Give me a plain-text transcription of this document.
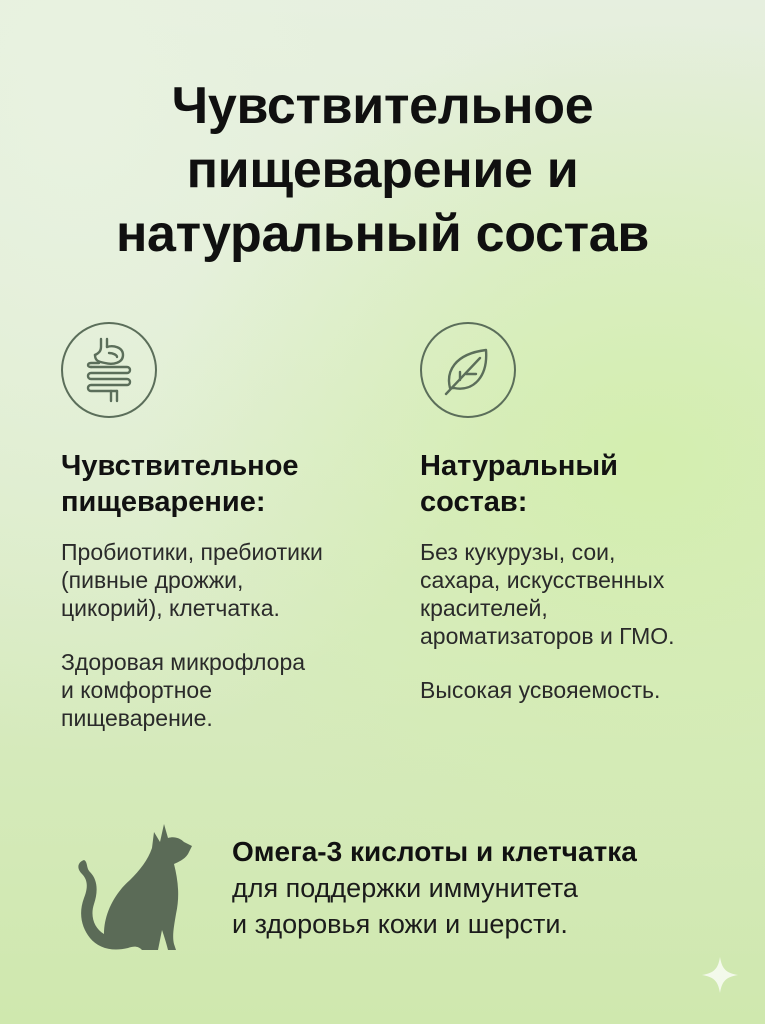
Чувствительное
пищеварение и
натуральный состав
Чувствительное
пищеварение:

Пробиотики, пребиотики
(пивные дрожжи,
цикорий), клетчатка.

Здоровая микрофлора
и комфортное
пищеварение.

Натуральный
состав:

Без кукурузы, сои,
сахара, искусственных
красителей,
ароматизаторов и ГМО.

Высокая усвояемость.

Омега-3 кислоты и клетчатка
для поддержки иммунитета
и здоровья кожи и шерсти.
